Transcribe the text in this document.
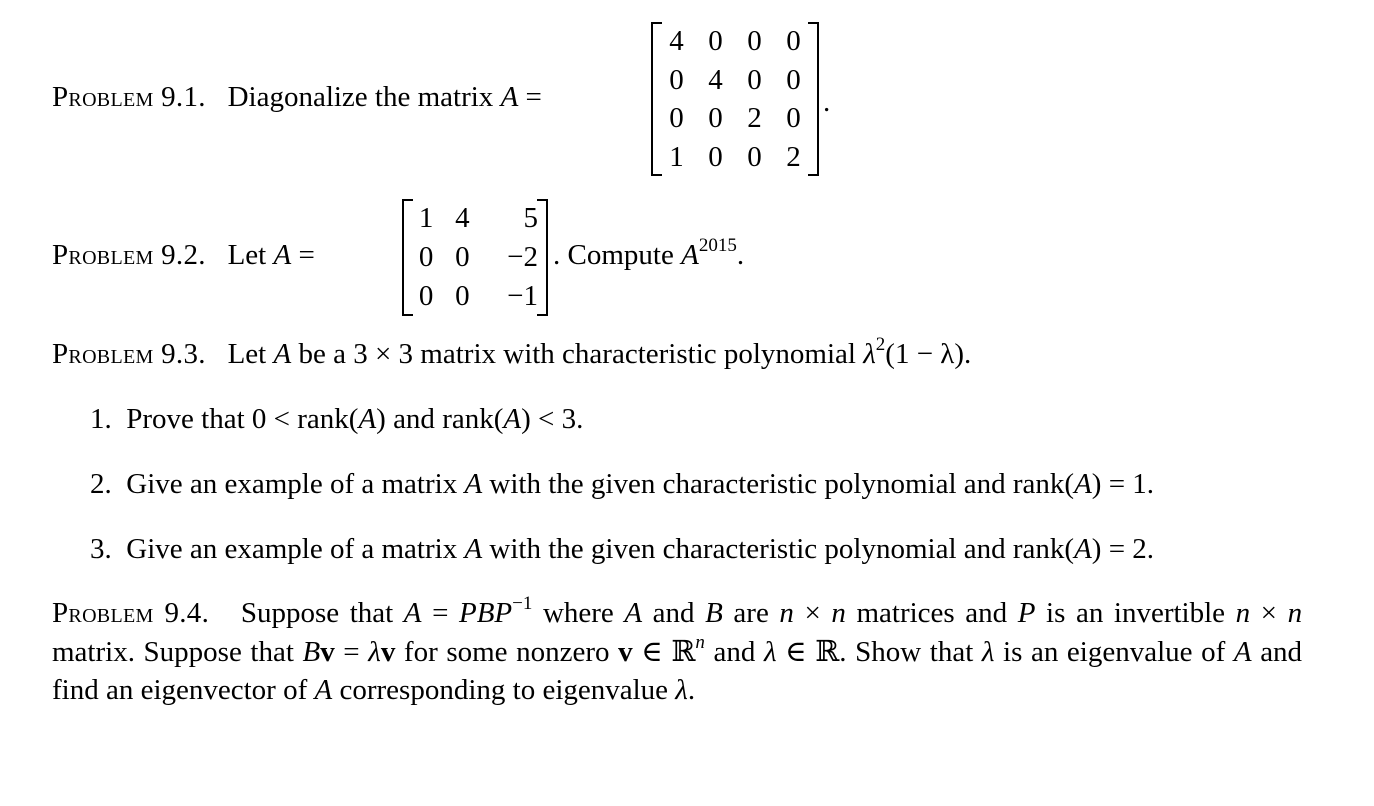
Problem 9.1. Diagonalize the matrix A =
4 0 0 0
0 4 0 0
0 0 2 0
1 0 0 2
.
Problem 9.2. Let A =
1 4	5
0 0	−2
0 0	−1
. Compute $A^{2015}$.
Problem 9.3. Let A be a 3 × 3 matrix with characteristic polynomial $\lambda^2(1 - \lambda)$.
1. Prove that 0 < rank(A) and rank(A) < 3.
2. Give an example of a matrix A with the given characteristic polynomial and rank(A) = 1.
3. Give an example of a matrix A with the given characteristic polynomial and rank(A) = 2.
Problem 9.4. Suppose that $A = PBP^{-1}$ where A and B are n × n matrices and P is an invertible n × n matrix. Suppose that Bv = λv for some nonzero v ∈ ℝ$^n$ and λ ∈ ℝ. Show that λ is an eigenvalue of A and find an eigenvector of A corresponding to eigenvalue λ.
